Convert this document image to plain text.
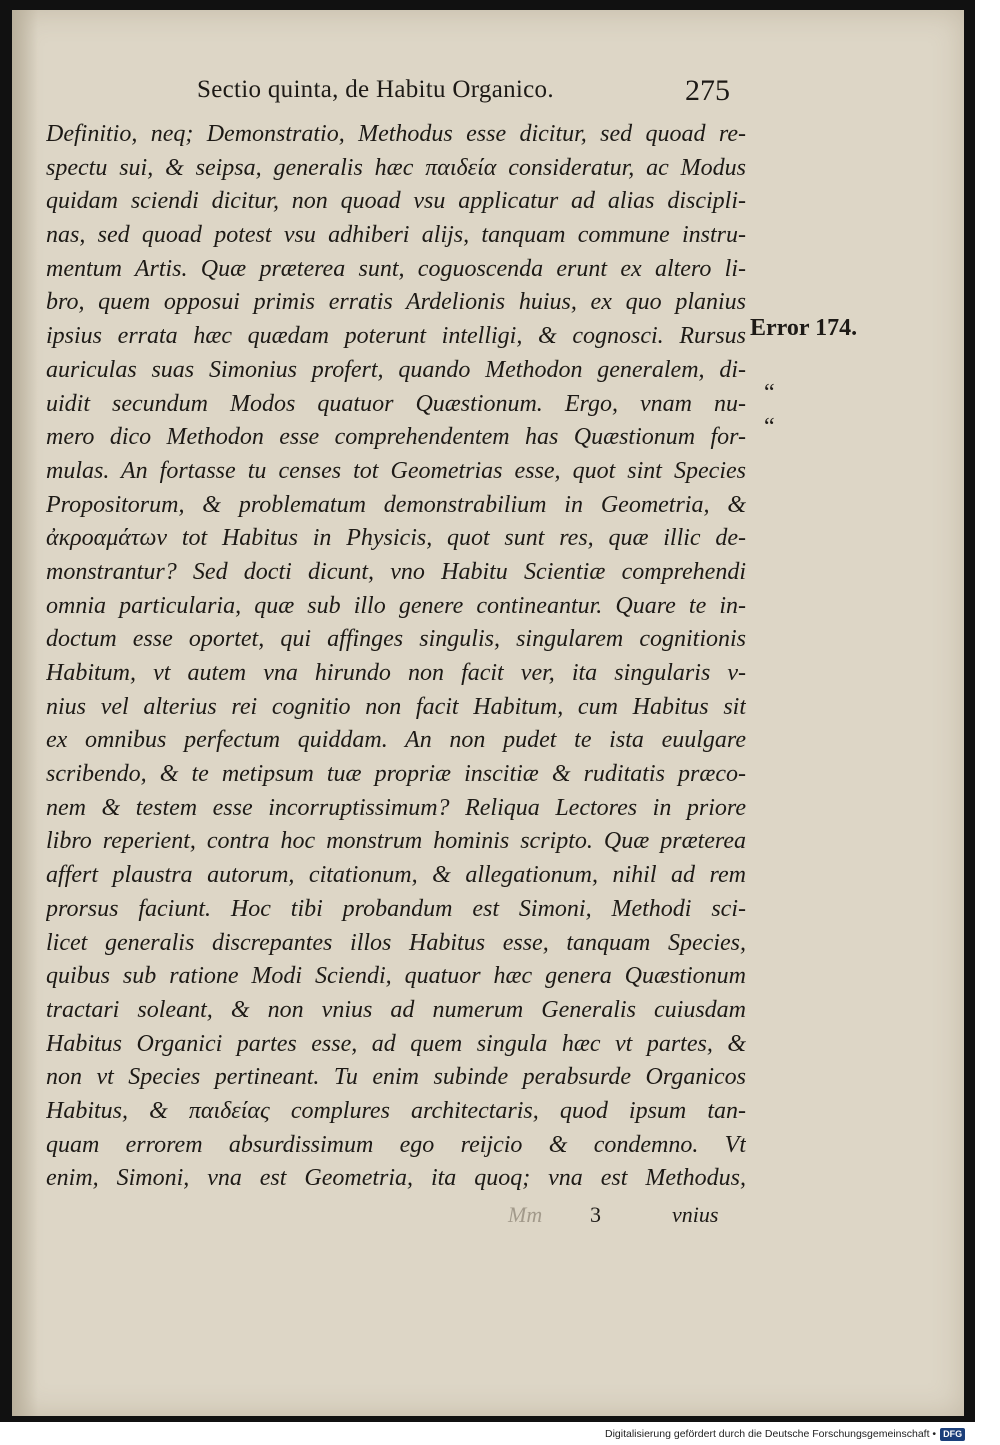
Sectio quinta, de Habitu Organico.	275
Definitio, neq; Demonstratio, Methodus esse dicitur, sed quoad re-
spectu sui, & seipsa, generalis hæc παιδεία consideratur, ac Modus
quidam sciendi dicitur, non quoad vsu applicatur ad alias discipli-
nas, sed quoad potest vsu adhiberi alijs, tanquam commune instru-
mentum Artis. Quæ præterea sunt, coguoscenda erunt ex altero li-
bro, quem opposui primis erratis Ardelionis huius, ex quo planius
ipsius errata hæc quædam poterunt intelligi, & cognosci. Rursus
auriculas suas Simonius profert, quando Methodon generalem, di-
uidit secundum Modos quatuor Quæstionum. Ergo, vnam nu-
mero dico Methodon esse comprehendentem has Quæstionum for-
mulas. An fortasse tu censes tot Geometrias esse, quot sint Species
Propositorum, & problematum demonstrabilium in Geometria, &
ἀκροαμάτων tot Habitus in Physicis, quot sunt res, quæ illic de-
monstrantur? Sed docti dicunt, vno Habitu Scientiæ comprehendi
omnia particularia, quæ sub illo genere contineantur. Quare te in-
doctum esse oportet, qui affinges singulis, singularem cognitionis
Habitum, vt autem vna hirundo non facit ver, ita singularis v-
nius vel alterius rei cognitio non facit Habitum, cum Habitus sit
ex omnibus perfectum quiddam. An non pudet te ista euulgare
scribendo, & te metipsum tuæ propriæ inscitiæ & ruditatis præco-
nem & testem esse incorruptissimum? Reliqua Lectores in priore
libro reperient, contra hoc monstrum hominis scripto. Quæ præterea
affert plaustra autorum, citationum, & allegationum, nihil ad rem
prorsus faciunt. Hoc tibi probandum est Simoni, Methodi sci-
licet generalis discrepantes illos Habitus esse, tanquam Species,
quibus sub ratione Modi Sciendi, quatuor hæc genera Quæstionum
tractari soleant, & non vnius ad numerum Generalis cuiusdam
Habitus Organici partes esse, ad quem singula hæc vt partes, &
non vt Species pertineant. Tu enim subinde perabsurde Organicos
Habitus, & παιδείας complures architectaris, quod ipsum tan-
quam errorem absurdissimum ego reijcio & condemno. Vt
enim, Simoni, vna est Geometria, ita quoq; vna est Methodus,
Error 174.
“
“
Mm 3	vnius
Digitalisierung gefördert durch die Deutsche Forschungsgemeinschaft • DFG
